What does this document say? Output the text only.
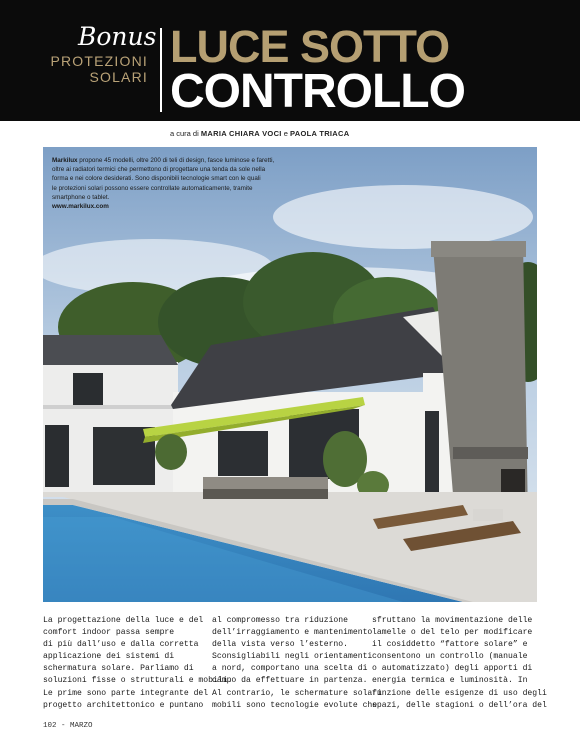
Bonus
PROTEZIONI
SOLARI
LUCE SOTTO
CONTROLLO
a cura di MARIA CHIARA VOCI e PAOLA TRIACA
Markilux propone 45 modelli, oltre 200 di teli di design, fasce luminose e faretti,
oltre ai radiatori termici che permettono di progettare una tenda da sole nella
forma e nei colore desiderati. Sono disponibili tecnologie smart con le quali
le protezioni solari possono essere controllate automaticamente, tramite
smartphone o tablet.
www.markilux.com

La progettazione della luce e del

comfort indoor passa sempre

di più dall’uso e dalla corretta

applicazione dei sistemi di

schermatura solare. Parliamo di

soluzioni fisse o strutturali e mobili.

Le prime sono parte integrante del

progetto architettonico e puntano

al compromesso tra riduzione

dell’irraggiamento e mantenimento

della vista verso l’esterno.

Sconsigliabili negli orientamenti

a nord, comportano una scelta di

campo da effettuare in partenza.

Al contrario, le schermature solari

mobili sono tecnologie evolute che

sfruttano la movimentazione delle

lamelle o del telo per modificare

il cosiddetto “fattore solare” e

consentono un controllo (manuale

o automatizzato) degli apporti di

energia termica e luminosità. In

funzione delle esigenze di uso degli

spazi, delle stagioni o dell’ora del

102 - MARZO
